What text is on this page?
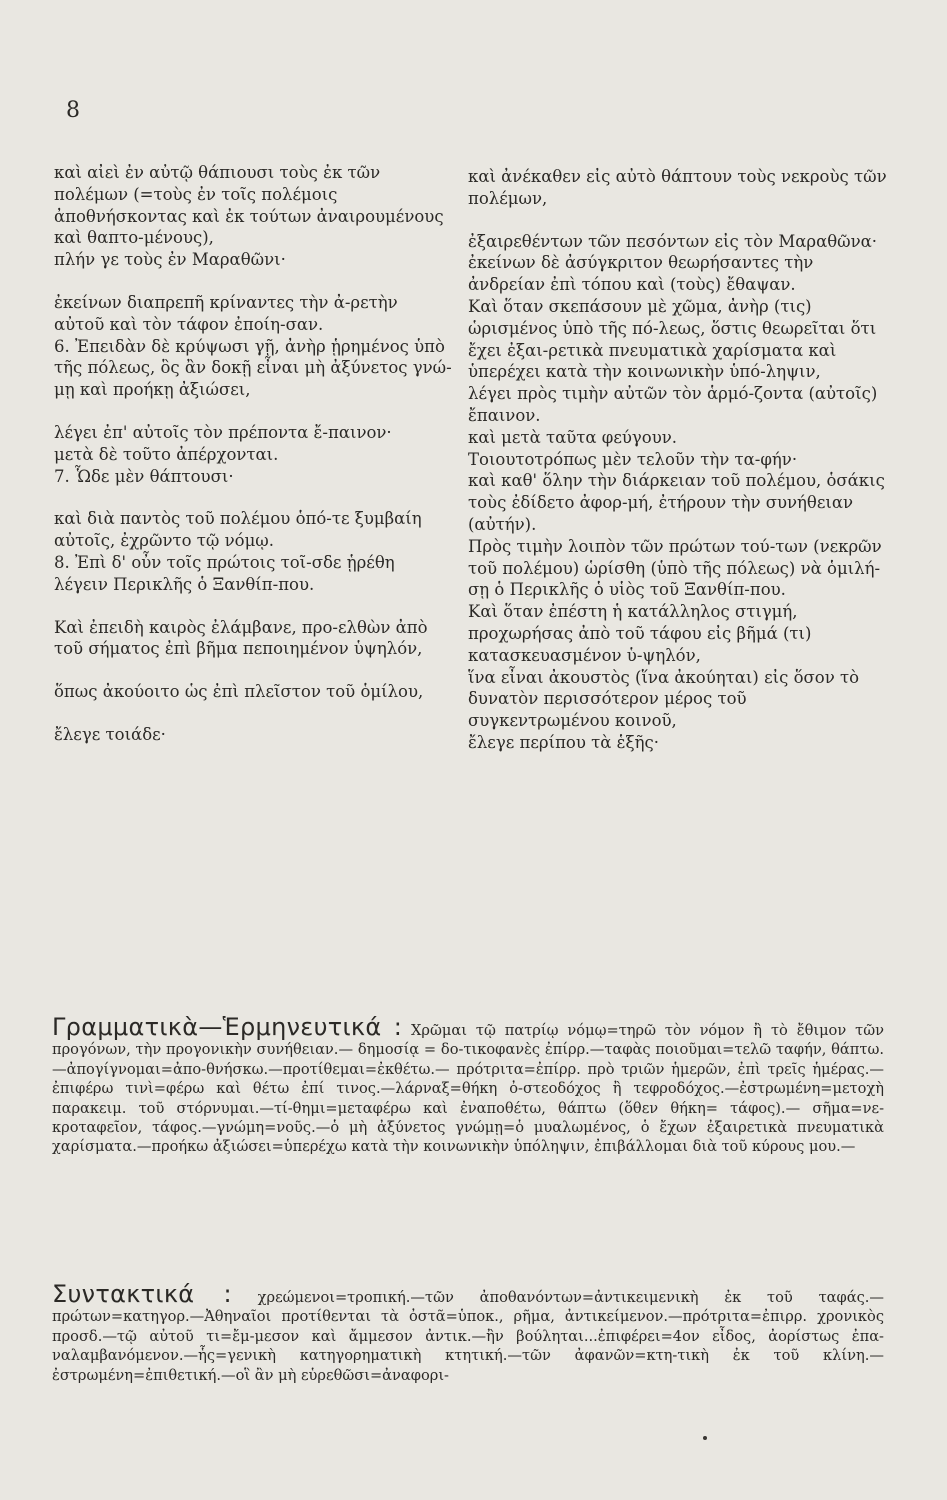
8
καὶ αἰεὶ ἐν αὐτῷ θάπιουσι τοὺς ἐκ τῶν πολέμων (=τοὺς ἐν τοῖς πολέμοις ἀποθνήσκοντας καὶ ἐκ τούτων ἀναιρουμένους καὶ θαπτο-μένους),
πλήν γε τοὺς ἐν Μαραθῶνι·
ἐκείνων διαπρεπῆ κρίναντες τὴν ἀ-ρετὴν αὐτοῦ καὶ τὸν τάφον ἐποίη-σαν.
6. Ἐπειδὰν δὲ κρύψωσι γῇ, ἀνὴρ ᾑρημένος ὑπὸ τῆς πόλεως, ὃς ἂν δοκῇ εἶναι μὴ ἀξύνετος γνώ-μῃ καὶ προήκῃ ἀξιώσει,
λέγει ἐπ' αὐτοῖς τὸν πρέποντα ἔ-παινον·
μετὰ δὲ τοῦτο ἀπέρχονται.
7. Ὧδε μὲν θάπτουσι·
καὶ διὰ παντὸς τοῦ πολέμου ὁπό-τε ξυμβαίη αὐτοῖς, ἐχρῶντο τῷ νόμῳ.
8. Ἐπὶ δ' οὖν τοῖς πρώτοις τοῖ-σδε ᾑρέθη λέγειν Περικλῆς ὁ Ξανθίπ-που.
Καὶ ἐπειδὴ καιρὸς ἐλάμβανε, προ-ελθὼν ἀπὸ τοῦ σήματος ἐπὶ βῆμα πεποιημένον ὑψηλόν,
ὅπως ἀκούοιτο ὡς ἐπὶ πλεῖστον τοῦ ὁμίλου,
ἔλεγε τοιάδε·
καὶ ἀνέκαθεν εἰς αὐτὸ θάπτουν τοὺς νεκροὺς τῶν πολέμων,
ἐξαιρεθέντων τῶν πεσόντων εἰς τὸν Μαραθῶνα·
ἐκείνων δὲ ἀσύγκριτον θεωρήσαντες τὴν ἀνδρείαν ἐπὶ τόπου καὶ (τοὺς) ἔθαψαν.
Καὶ ὅταν σκεπάσουν μὲ χῶμα, ἀνὴρ (τις) ὡρισμένος ὑπὸ τῆς πό-λεως, ὅστις θεωρεῖται ὅτι ἔχει ἐξαι-ρετικὰ πνευματικὰ χαρίσματα καὶ ὑπερέχει κατὰ τὴν κοινωνικὴν ὑπό-ληψιν,
λέγει πρὸς τιμὴν αὐτῶν τὸν ἁρμό-ζοντα (αὐτοῖς) ἔπαινον.
καὶ μετὰ ταῦτα φεύγουν.
Τοιουτοτρόπως μὲν τελοῦν τὴν τα-φήν·
καὶ καθ' ὅλην τὴν διάρκειαν τοῦ πολέμου, ὁσάκις τοὺς ἐδίδετο ἀφορ-μή, ἐτήρουν τὴν συνήθειαν (αὐτήν).
Πρὸς τιμὴν λοιπὸν τῶν πρώτων τού-των (νεκρῶν τοῦ πολέμου) ὡρίσθη (ὑπὸ τῆς πόλεως) νὰ ὁμιλή-σῃ ὁ Περικλῆς ὁ υἱὸς τοῦ Ξανθίπ-που.
Καὶ ὅταν ἐπέστη ἡ κατάλληλος στιγμή, προχωρήσας ἀπὸ τοῦ τάφου εἰς βῆμά (τι) κατασκευασμένον ὑ-ψηλόν,
ἵνα εἶναι ἀκουστὸς (ἵνα ἀκούηται) εἰς ὅσον τὸ δυνατὸν περισσότερον μέρος τοῦ συγκεντρωμένου κοινοῦ,
ἔλεγε περίπου τὰ ἑξῆς·
Γραμματικὰ—Ἑρμηνευτικά : Χρῶμαι τῷ πατρίῳ νόμῳ=τηρῶ τὸν νόμον ἢ τὸ ἔθιμον τῶν προγόνων, τὴν προγονικὴν συνήθειαν.— δημοσίᾳ = δο-τικοφανὲς ἐπίρρ.—ταφὰς ποιοῦμαι=τελῶ ταφήν, θάπτω.—ἀπογίγνομαι=ἀπο-θνήσκω.—προτίθεμαι=ἐκθέτω.— πρότριτα=ἐπίρρ. πρὸ τριῶν ἡμερῶν, ἐπὶ τρεῖς ἡμέρας.—ἐπιφέρω τινὶ=φέρω καὶ θέτω ἐπί τινος.—λάρναξ=θήκη ὀ-στεοδόχος ἢ τεφροδόχος.—ἐστρωμένη=μετοχὴ παρακειμ. τοῦ στόρνυμαι.—τί-θημι=μεταφέρω καὶ ἐναποθέτω, θάπτω (ὅθεν θήκη= τάφος).— σῆμα=νε-κροταφεῖον, τάφος.—γνώμη=νοῦς.—ὁ μὴ ἀξύνετος γνώμῃ=ὁ μυαλωμένος, ὁ ἔχων ἐξαιρετικὰ πνευματικὰ χαρίσματα.—προήκω ἀξιώσει=ὑπερέχω κατὰ τὴν κοινωνικὴν ὑπόληψιν, ἐπιβάλλομαι διὰ τοῦ κύρους μου.—
Συντακτικά : χρεώμενοι=τροπική.—τῶν ἀποθανόντων=ἀντικειμενικὴ ἐκ τοῦ ταφάς.—πρώτων=κατηγορ.—Ἀθηναῖοι προτίθενται τὰ ὀστᾶ=ὑποκ., ρῆμα, ἀντικείμενον.—πρότριτα=ἐπιρρ. χρονικὸς προσδ.—τῷ αὐτοῦ τι=ἔμ-μεσον καὶ ἄμμεσον ἀντικ.—ἢν βούληται...ἐπιφέρει=4ον εἶδος, ἀορίστως ἐπα-ναλαμβανόμενον.—ἧς=γενικὴ κατηγορηματικὴ κτητική.—τῶν ἀφανῶν=κτη-τικὴ ἐκ τοῦ κλίνη.—ἐστρωμένη=ἐπιθετική.—οἳ ἂν μὴ εὑρεθῶσι=ἀναφορι-
